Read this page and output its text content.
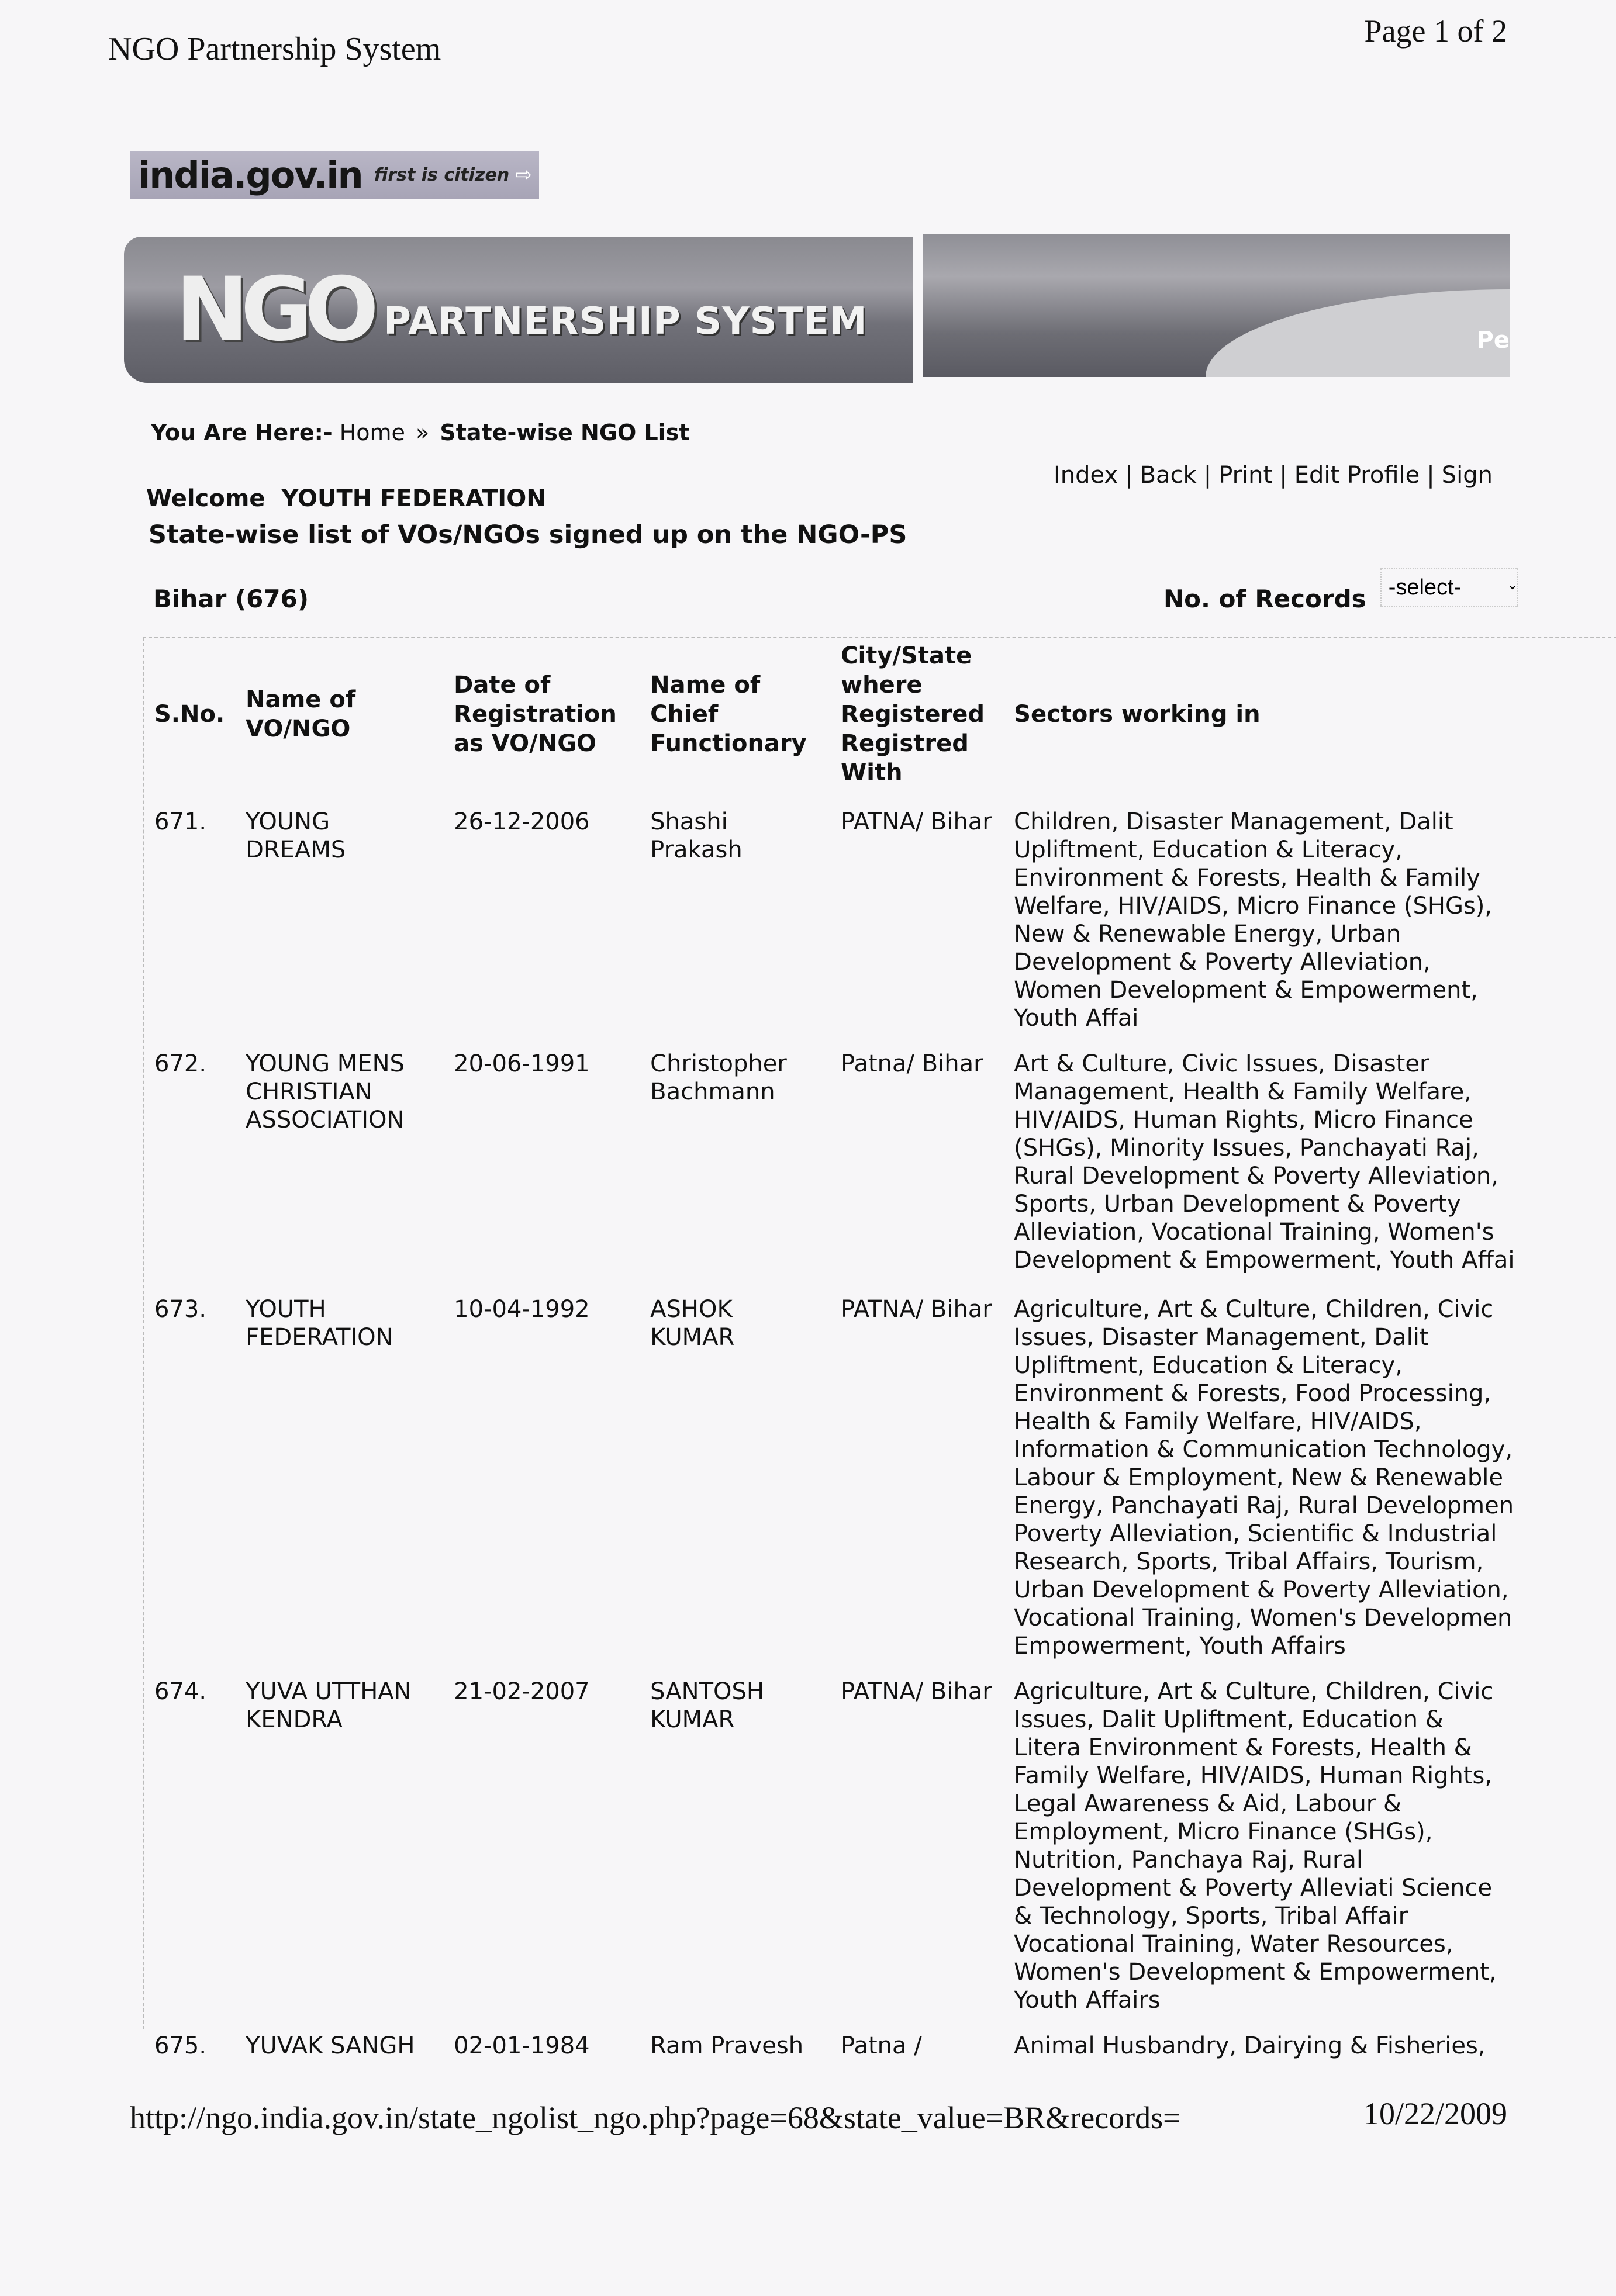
NGO Partnership System	Page 1 of 2
india.gov.in first is citizen ⇨
NGO PARTNERSHIP SYSTEM	Pe
You Are Here:- Home » State-wise NGO List
Welcome YOUTH FEDERATION
State-wise list of VOs/NGOs signed up on the NGO-PS
Index | Back | Print | Edit Profile | Sign
Bihar (676)	No. of Records
-select-
S.No.	Name of VO/NGO	Date of Registration as VO/NGO	Name of Chief Functionary	City/State where Registered Registred With	Sectors working in
671.	YOUNG DREAMS	26-12-2006	Shashi Prakash	PATNA/ Bihar	Children, Disaster Management, Dalit Upliftment, Education & Literacy, Environment & Forests, Health & Family Welfare, HIV/AIDS, Micro Finance (SHGs), New & Renewable Energy, Urban Development & Poverty Alleviation, Women Development & Empowerment, Youth Affai
672.	YOUNG MENS CHRISTIAN ASSOCIATION	20-06-1991	Christopher Bachmann	Patna/ Bihar	Art & Culture, Civic Issues, Disaster Management, Health & Family Welfare, HIV/AIDS, Human Rights, Micro Finance (SHGs), Minority Issues, Panchayati Raj, Rural Development & Poverty Alleviation, Sports, Urban Development & Poverty Alleviation, Vocational Training, Women's Development & Empowerment, Youth Affai
673.	YOUTH FEDERATION	10-04-1992	ASHOK KUMAR	PATNA/ Bihar	Agriculture, Art & Culture, Children, Civic Issues, Disaster Management, Dalit Upliftment, Education & Literacy, Environment & Forests, Food Processing, Health & Family Welfare, HIV/AIDS, Information & Communication Technology, Labour & Employment, New & Renewable Energy, Panchayati Raj, Rural Developmen Poverty Alleviation, Scientific & Industrial Research, Sports, Tribal Affairs, Tourism, Urban Development & Poverty Alleviation, Vocational Training, Women's Developmen Empowerment, Youth Affairs
674.	YUVA UTTHAN KENDRA	21-02-2007	SANTOSH KUMAR	PATNA/ Bihar	Agriculture, Art & Culture, Children, Civic Issues, Dalit Upliftment, Education & Litera Environment & Forests, Health & Family Welfare, HIV/AIDS, Human Rights, Legal Awareness & Aid, Labour & Employment, Micro Finance (SHGs), Nutrition, Panchaya Raj, Rural Development & Poverty Alleviati Science & Technology, Sports, Tribal Affair Vocational Training, Water Resources, Women's Development & Empowerment, Youth Affairs
675.	YUVAK SANGH	02-01-1984	Ram Pravesh	Patna /	Animal Husbandry, Dairying & Fisheries,
http://ngo.india.gov.in/state_ngolist_ngo.php?page=68&state_value=BR&records=	10/22/2009
